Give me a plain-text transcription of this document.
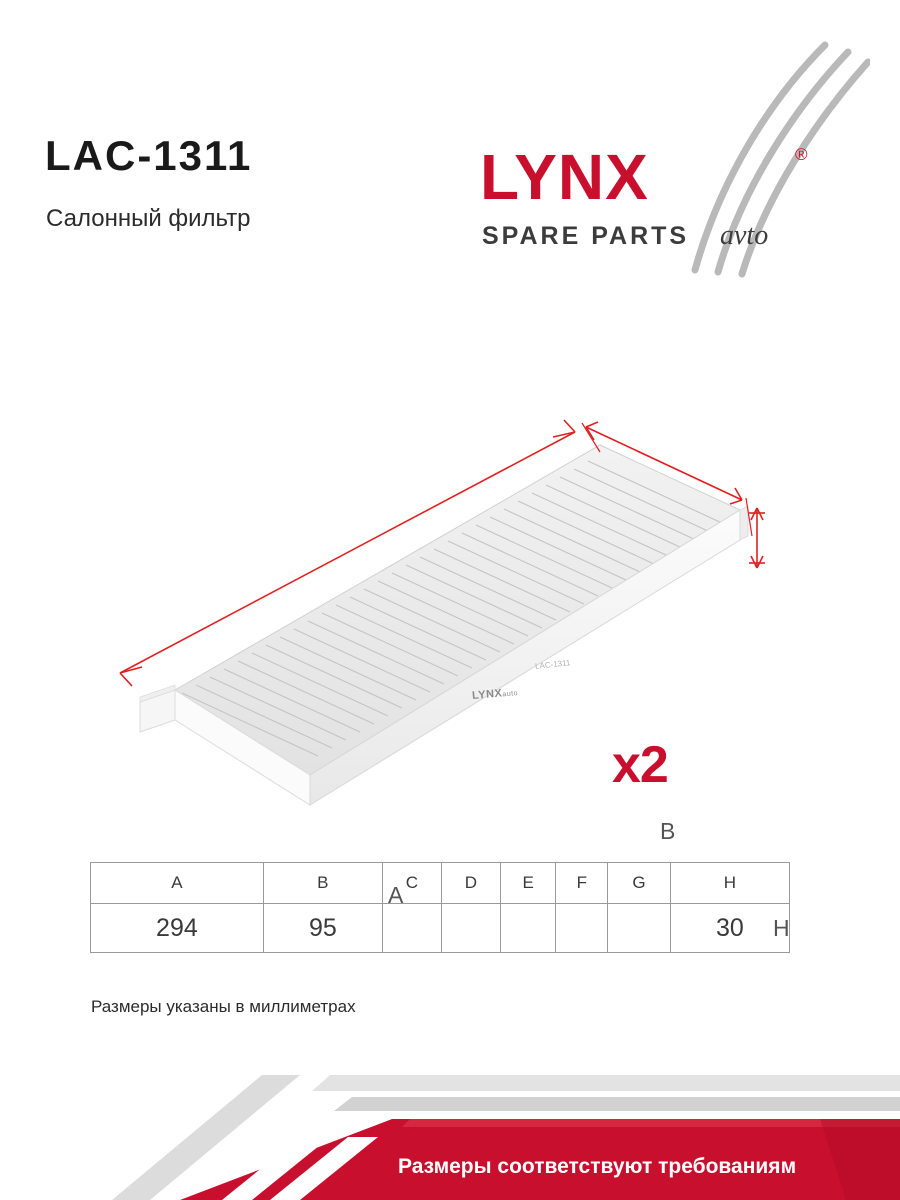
LAC-1311
Салонный фильтр
LYNX	®
SPARE PARTS avto
A
B
H
LAC-1311
LYNXauto
x2
A	B	C	D	E	F	G	H
294	95						30
Размеры указаны в миллиметрах
Размеры соответствуют требованиям
